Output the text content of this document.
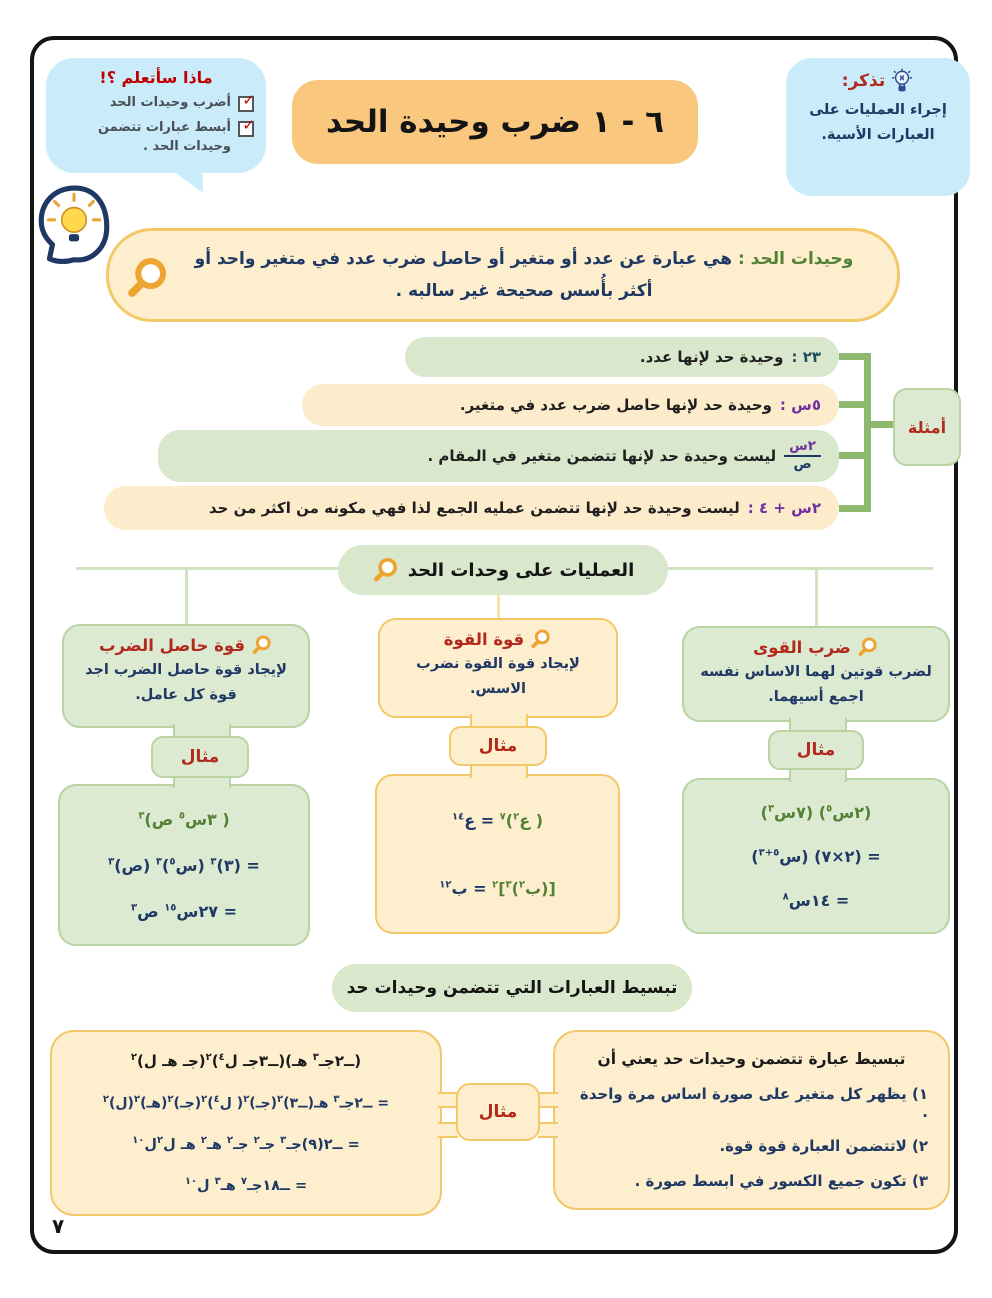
ماذا سأتعلم ؟!
✓
أضرب وحيدات الحد
✓
أبسط عبارات تتضمن وحيدات الحد .
٦ - ١ ضرب وحيدة الحد
تذكر:
إجراء العمليات على العبارات الأسية.
وحيدات الحد : هي عبارة عن عدد أو متغير أو حاصل ضرب عدد في متغير واحد أو أكثر بأُسس صحيحة غير سالبه .
٢٣ :
وحيدة حد لإنها عدد.
٥س :
وحيدة حد لإنها حاصل ضرب عدد في متغير.
$\frac{\text{٢س}}{\text{ص}}$
ليست وحيدة حد لإنها تتضمن متغير في المقام .
٢س + ٤ :
ليست وحيدة حد لإنها تتضمن عمليه الجمع لذا فهي مكونه من اكثر من حد
أمثلة
العمليات على وحدات الحد
ضرب القوى
لضرب قوتين لهما الاساس نفسه اجمع أسيهما.
مثال
(٢س$^٥$) (٧س$^٣$)
= (٢×٧) (س$^{٥+٣}$)
= ١٤س$^٨$
قوة القوة
لإيجاد قوة القوة نضرب الاسس.
مثال
( ع$^٢$)$^٧$ = ع$^{١٤}$
[(ب$^٢$)$^٣$]$^٢$ = ب$^{١٢}$
قوة حاصل الضرب
لإيجاد قوة حاصل الضرب اجد قوة كل عامل.
مثال
( ٣س$^٥$ ص)$^٣$
= (٣)$^٣$ (س$^٥$)$^٣$ (ص)$^٣$
= ٢٧س$^{١٥}$ ص$^٣$
تبسيط العبارات التي تتضمن وحيدات حد
تبسيط عبارة تتضمن وحيدات حد يعني أن
١) يظهر كل متغير على صورة اساس مرة واحدة .
٢) لاتتضمن العبارة قوة قوة.
٣) تكون جميع الكسور في ابسط صورة .
مثال
(ــ٢جـ$^٣$ هـ)(ــ٣جـ ل$^٤$)$^٢$(جـ هـ ل)$^٢$
= ــ٢جـ$^٣$ هـ(ــ٣)$^٢$(جـ)$^٢$( ل$^٤$)$^٢$(جـ)$^٢$(هـ)$^٢$(ل)$^٢$
= ــ٢(٩)جـ$^٣$ جـ$^٢$ جـ$^٢$ هـ$^٢$ هـ ل$^٢$ل$^{١٠}$
= ــ١٨جـ$^٧$ هـ$^٣$ ل$^{١٠}$
٧
